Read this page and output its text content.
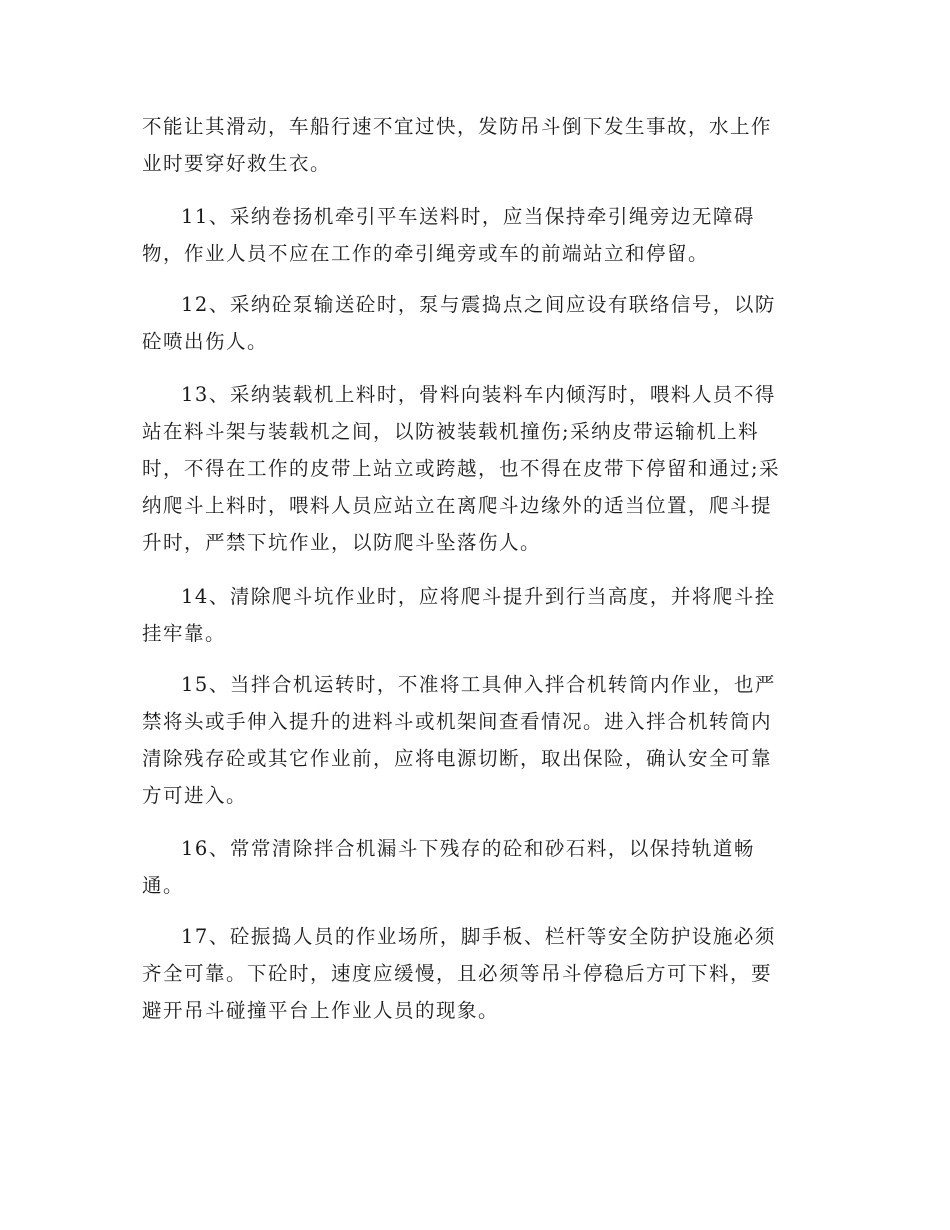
不能让其滑动，车船行速不宜过快，发防吊斗倒下发生事故，水上作
业时要穿好救生衣。

11、采纳卷扬机牵引平车送料时，应当保持牵引绳旁边无障碍
物，作业人员不应在工作的牵引绳旁或车的前端站立和停留。

12、采纳砼泵输送砼时，泵与震捣点之间应设有联络信号，以防
砼喷出伤人。

13、采纳装载机上料时，骨料向装料车内倾泻时，喂料人员不得
站在料斗架与装载机之间，以防被装载机撞伤;采纳皮带运输机上料
时，不得在工作的皮带上站立或跨越，也不得在皮带下停留和通过;采
纳爬斗上料时，喂料人员应站立在离爬斗边缘外的适当位置，爬斗提
升时，严禁下坑作业，以防爬斗坠落伤人。

14、清除爬斗坑作业时，应将爬斗提升到行当高度，并将爬斗拴
挂牢靠。

15、当拌合机运转时，不准将工具伸入拌合机转筒内作业，也严
禁将头或手伸入提升的进料斗或机架间查看情况。进入拌合机转筒内
清除残存砼或其它作业前，应将电源切断，取出保险，确认安全可靠
方可进入。

16、常常清除拌合机漏斗下残存的砼和砂石料，以保持轨道畅
通。

17、砼振捣人员的作业场所，脚手板、栏杆等安全防护设施必须
齐全可靠。下砼时，速度应缓慢，且必须等吊斗停稳后方可下料，要
避开吊斗碰撞平台上作业人员的现象。
